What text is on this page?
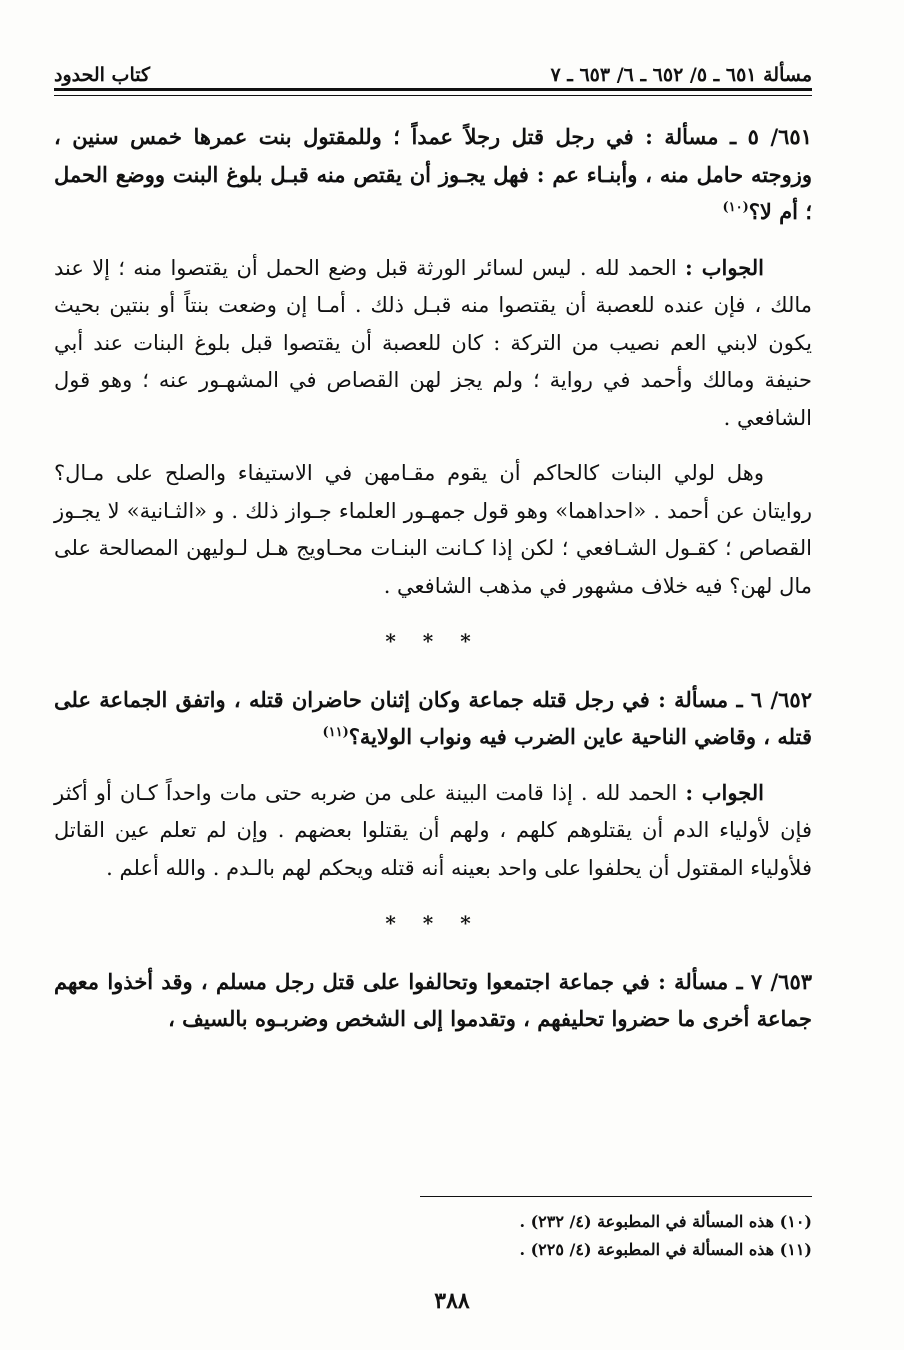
مسألة ٦٥١ ـ ٥/ ٦٥٢ ـ ٦/ ٦٥٣ ـ ٧
كتاب الحدود

٦٥١/ ٥ ـ مسألة : في رجل قتل رجلاً عمداً ؛ وللمقتول بنت عمرها خمس سنين ، وزوجته حامل منه ، وأبنـاء عم : فهل يجـوز أن يقتص منه قبـل بلوغ البنت ووضع الحمل ؛ أم لا؟$^{(١٠)}$

الجواب : الحمد لله . ليس لسائر الورثة قبل وضع الحمل أن يقتصوا منه ؛ إلا عند مالك ، فإن عنده للعصبة أن يقتصوا منه قبـل ذلك . أمـا إن وضعت بنتاً أو بنتين بحيث يكون لابني العم نصيب من التركة : كان للعصبة أن يقتصوا قبل بلوغ البنات عند أبي حنيفة ومالك وأحمد في رواية ؛ ولم يجز لهن القصاص في المشهـور عنه ؛ وهو قول الشافعي .

وهل لولي البنات كالحاكم أن يقوم مقـامهن في الاستيفاء والصلح على مـال؟ روايتان عن أحمد . «احداهما» وهو قول جمهـور العلماء جـواز ذلك . و «الثـانية» لا يجـوز القصاص ؛ كقـول الشـافعي ؛ لكن إذا كـانت البنـات محـاويج هـل لـوليهن المصالحة على مال لهن؟ فيه خلاف مشهور في مذهب الشافعي .

* * *

٦٥٢/ ٦ ـ مسألة : في رجل قتله جماعة وكان إثنان حاضران قتله ، واتفق الجماعة على قتله ، وقاضي الناحية عاين الضرب فيه ونواب الولاية؟$^{(١١)}$

الجواب : الحمد لله . إذا قامت البينة على من ضربه حتى مات واحداً كـان أو أكثر فإن لأولياء الدم أن يقتلوهم كلهم ، ولهم أن يقتلوا بعضهم . وإن لم تعلم عين القاتل فلأولياء المقتول أن يحلفوا على واحد بعينه أنه قتله ويحكم لهم بالـدم . والله أعلم .

* * *

٦٥٣/ ٧ ـ مسألة : في جماعة اجتمعوا وتحالفوا على قتل رجل مسلم ، وقد أخذوا معهم جماعة أخرى ما حضروا تحليفهم ، وتقدموا إلى الشخص وضربـوه بالسيف ،

(١٠) هذه المسألة في المطبوعة (٤/ ٢٣٢) .
(١١) هذه المسألة في المطبوعة (٤/ ٢٢٥) .
٣٨٨
